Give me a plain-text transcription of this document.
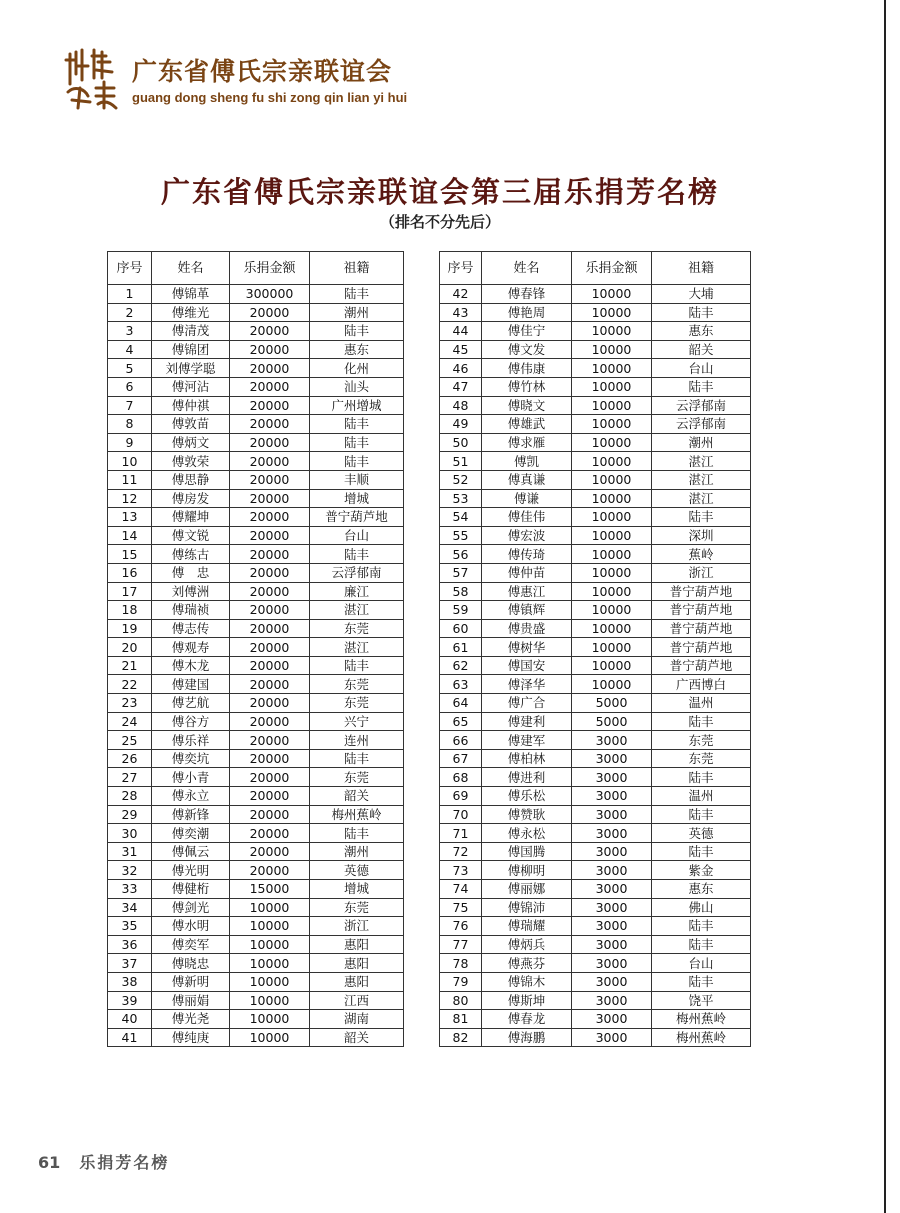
广东省傅氏宗亲联谊会
guang dong sheng fu shi zong qin lian yi hui
广东省傅氏宗亲联谊会第三届乐捐芳名榜
（排名不分先后）
序号	姓名	乐捐金额	祖籍
1	傅锦革	300000	陆丰
2	傅维光	20000	潮州
3	傅清茂	20000	陆丰
4	傅锦团	20000	惠东
5	刘傅学聪	20000	化州
6	傅河沾	20000	汕头
7	傅仲祺	20000	广州增城
8	傅敦苗	20000	陆丰
9	傅炳文	20000	陆丰
10	傅敦荣	20000	陆丰
11	傅思静	20000	丰顺
12	傅房发	20000	增城
13	傅耀坤	20000	普宁葫芦地
14	傅文锐	20000	台山
15	傅练古	20000	陆丰
16	傅　忠	20000	云浮郁南
17	刘傅洲	20000	廉江
18	傅瑞祯	20000	湛江
19	傅志传	20000	东莞
20	傅观寿	20000	湛江
21	傅木龙	20000	陆丰
22	傅建国	20000	东莞
23	傅艺航	20000	东莞
24	傅谷方	20000	兴宁
25	傅乐祥	20000	连州
26	傅奕坑	20000	陆丰
27	傅小青	20000	东莞
28	傅永立	20000	韶关
29	傅新锋	20000	梅州蕉岭
30	傅奕潮	20000	陆丰
31	傅佩云	20000	潮州
32	傅光明	20000	英德
33	傅健桁	15000	增城
34	傅剑光	10000	东莞
35	傅水明	10000	浙江
36	傅奕军	10000	惠阳
37	傅晓忠	10000	惠阳
38	傅新明	10000	惠阳
39	傅丽娟	10000	江西
40	傅光尧	10000	湖南
41	傅纯庚	10000	韶关
序号	姓名	乐捐金额	祖籍
42	傅春锋	10000	大埔
43	傅艳周	10000	陆丰
44	傅佳宁	10000	惠东
45	傅文发	10000	韶关
46	傅伟康	10000	台山
47	傅竹林	10000	陆丰
48	傅晓文	10000	云浮郁南
49	傅雄武	10000	云浮郁南
50	傅求雁	10000	潮州
51	傅凯	10000	湛江
52	傅真谦	10000	湛江
53	傅谦	10000	湛江
54	傅佳伟	10000	陆丰
55	傅宏波	10000	深圳
56	傅传琦	10000	蕉岭
57	傅仲苗	10000	浙江
58	傅惠江	10000	普宁葫芦地
59	傅镇辉	10000	普宁葫芦地
60	傅贵盛	10000	普宁葫芦地
61	傅树华	10000	普宁葫芦地
62	傅国安	10000	普宁葫芦地
63	傅泽华	10000	广西博白
64	傅广合	5000	温州
65	傅建利	5000	陆丰
66	傅建军	3000	东莞
67	傅柏林	3000	东莞
68	傅进利	3000	陆丰
69	傅乐松	3000	温州
70	傅赞耿	3000	陆丰
71	傅永松	3000	英德
72	傅国腾	3000	陆丰
73	傅柳明	3000	紫金
74	傅丽娜	3000	惠东
75	傅锦沛	3000	佛山
76	傅瑞耀	3000	陆丰
77	傅炳兵	3000	陆丰
78	傅燕芬	3000	台山
79	傅锦木	3000	陆丰
80	傅斯坤	3000	饶平
81	傅春龙	3000	梅州蕉岭
82	傅海鹏	3000	梅州蕉岭
61 乐捐芳名榜
